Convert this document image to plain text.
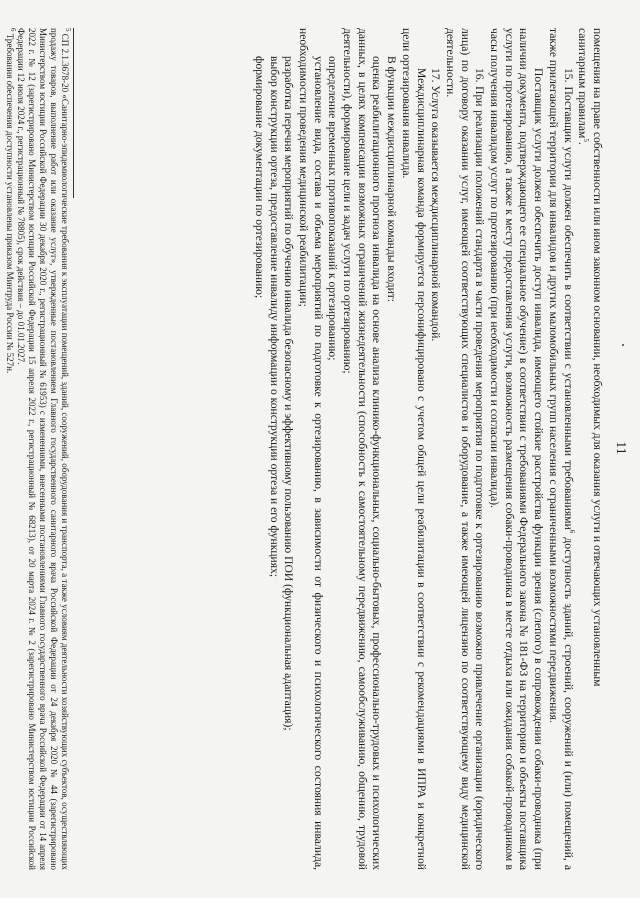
11

помещения на праве собственности или ином законном основании, необходимых для оказания услуги и отвечающих установленным

санитарным правилам$^5$.

15. Поставщик услуги должен обеспечить в соответствии с установленными требованиями$^6$ доступность зданий, строений, сооружений и (или) помещений, а также прилегающей территории для инвалидов и других маломобильных групп населения с ограниченными возможностями передвижения.

Поставщик услуги должен обеспечить доступ инвалида, имеющего стойкие расстройства функции зрения (слепого) в сопровождении собаки-проводника (при наличии документа, подтверждающего ее специальное обучение) в соответствии с требованиями Федерального закона № 181-ФЗ на территорию и объекты поставщика услуги по протезированию, а также к месту предоставления услуги, возможность размещения собаки-проводника в месте отдыха или ожидания собакой-проводником в часы получения инвалидом услуг по протезированию (при необходимости и согласии инвалида).

16. При реализации положений стандарта в части проведения мероприятия по подготовке к ортезированию возможно привлечение организации (юридического лица) по договору оказании услуг, имеющей соответствующих специалистов и оборудование, а также имеющей лицензию по соответствующему виду медицинской деятельности.

17. Услуга оказывается междисциплинарной командой.

Междисциплинарная команда формируется персонифицировано с учетом общей цели реабилитации в соответствии с рекомендациями в ИПРА и конкретной цели ортезирования инвалида.

В функции междисциплинарной команды входит:

оценка реабилитационного прогноза инвалида на основе анализа клинико-функциональных, социально-бытовых, профессионально-трудовых и психологических данных, в целях компенсации возможных ограничений жизнедеятельности (способность к самостоятельному передвижению, самообслуживанию, общению, трудовой деятельности), формирование цели и задач услуги по ортезированию;

определение временных противопоказаний к ортезированию;

установление вида, состава и объема мероприятий по подготовке к ортезированию, в зависимости от физического и психологического состояния инвалида, необходимости проведения медицинской реабилитации;

разработка перечня мероприятий по обучению инвалида безопасному и эффективному пользованию ПОИ (функциональная адаптация);

выбор конструкции ортеза, предоставление инвалиду информации о конструкции ортеза и его функциях;

формирование документации по ортезированию;

$^5$ СП 2.1.3678-20 «Санитарно-эпидемиологические требования к эксплуатации помещений, зданий, сооружений, оборудования и транспорта, а также условиям деятельности хозяйствующих субъектов, осуществляющих продажу товаров, выполнение работ или оказание услуг», утвержденные постановлением Главного государственного санитарного врача Российской Федерации от 24 декабря 2020 № 44 (зарегистрировано Министерством юстиции Российской Федерации 30 декабря 2020 г., регистрационный № 61953) с изменениями, внесенными постановлениями Главного государственного врача Российской Федерации от 14 апреля 2022 г. № 12 (зарегистрировано Министерством юстиции Российской Федерации 15 апреля 2022 г., регистрационный № 68213), от 20 марта 2024 г. № 2 (зарегистрировано Министерством юстиции Российской Федерации 12 июля 2024 г., регистрационный № 78805), срок действия – до 01.01.2027.

$^6$ Требования обеспечения доступности установлены приказом Минтруда России № 527н.
